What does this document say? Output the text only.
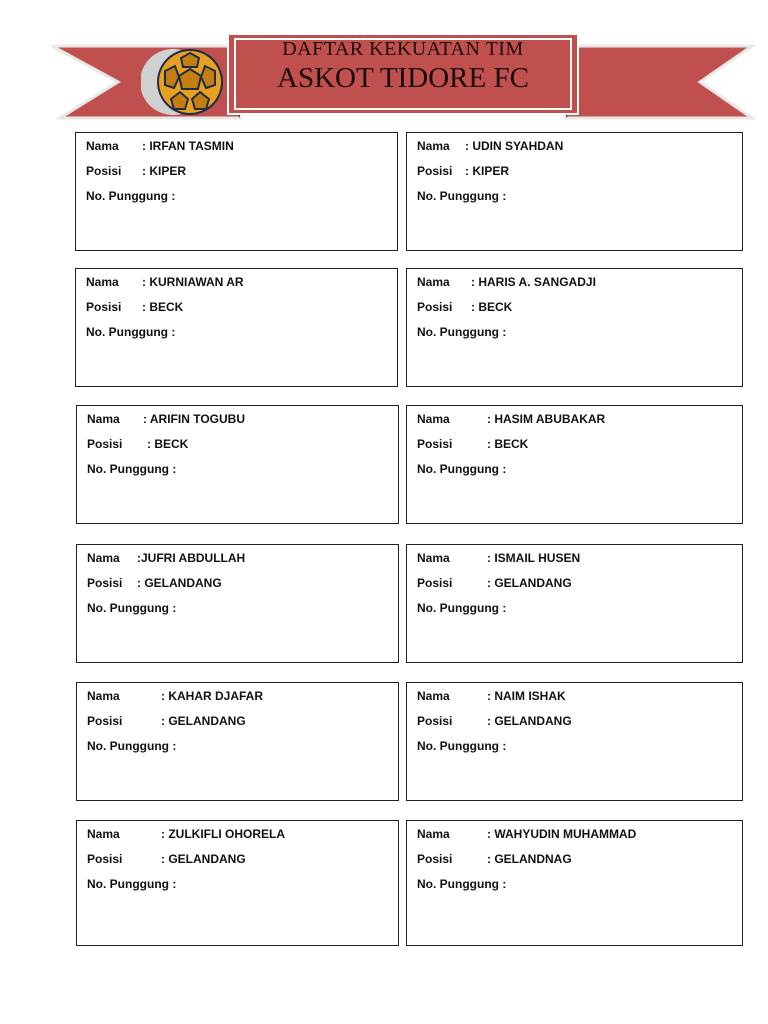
DAFTAR KEKUATAN TIM
ASKOT TIDORE FC
Nama : IRFAN TASMIN
Posisi : KIPER
No. Punggung :
Nama : UDIN SYAHDAN
Posisi : KIPER
No. Punggung :
Nama : KURNIAWAN AR
Posisi : BECK
No. Punggung :
Nama : HARIS A. SANGADJI
Posisi : BECK
No. Punggung :
Nama : ARIFIN TOGUBU
Posisi : BECK
No. Punggung :
Nama	: HASIM ABUBAKAR
Posisi	: BECK
No. Punggung :
Nama :JUFRI ABDULLAH
Posisi : GELANDANG
No. Punggung :
Nama	: ISMAIL HUSEN
Posisi	: GELANDANG
No. Punggung :
Nama	: KAHAR DJAFAR
Posisi	: GELANDANG
No. Punggung :
Nama	: NAIM ISHAK
Posisi	: GELANDANG
No. Punggung :
Nama	: ZULKIFLI OHORELA
Posisi	: GELANDANG
No. Punggung :
Nama	: WAHYUDIN MUHAMMAD
Posisi	: GELANDNAG
No. Punggung :
